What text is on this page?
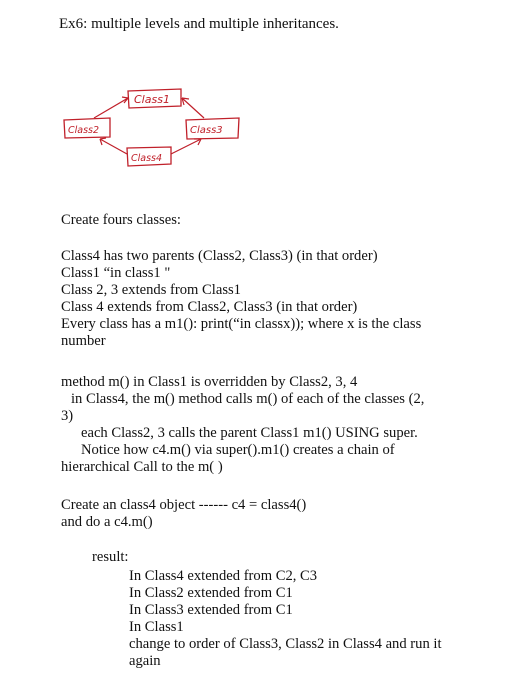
Ex6: multiple levels and multiple inheritances.
Class1
Class2	Class3
Class4
Create fours classes:
Class4 has two parents (Class2, Class3) (in that order)
Class1 “in class1 "
Class 2, 3 extends from Class1
Class 4 extends from Class2, Class3 (in that order)
Every class has a m1(): print(“in classx)); where x is the class
number
method m() in Class1 is overridden by Class2, 3, 4
in Class4, the m() method calls m() of each of the classes (2,
3)
each Class2, 3 calls the parent Class1 m1() USING super.
Notice how c4.m() via super().m1() creates a chain of
hierarchical Call to the m( )
Create an class4 object ------ c4 = class4()
and do a c4.m()
result:
In Class4 extended from C2, C3
In Class2 extended from C1
In Class3 extended from C1
In Class1
change to order of Class3, Class2 in Class4 and run it
again
